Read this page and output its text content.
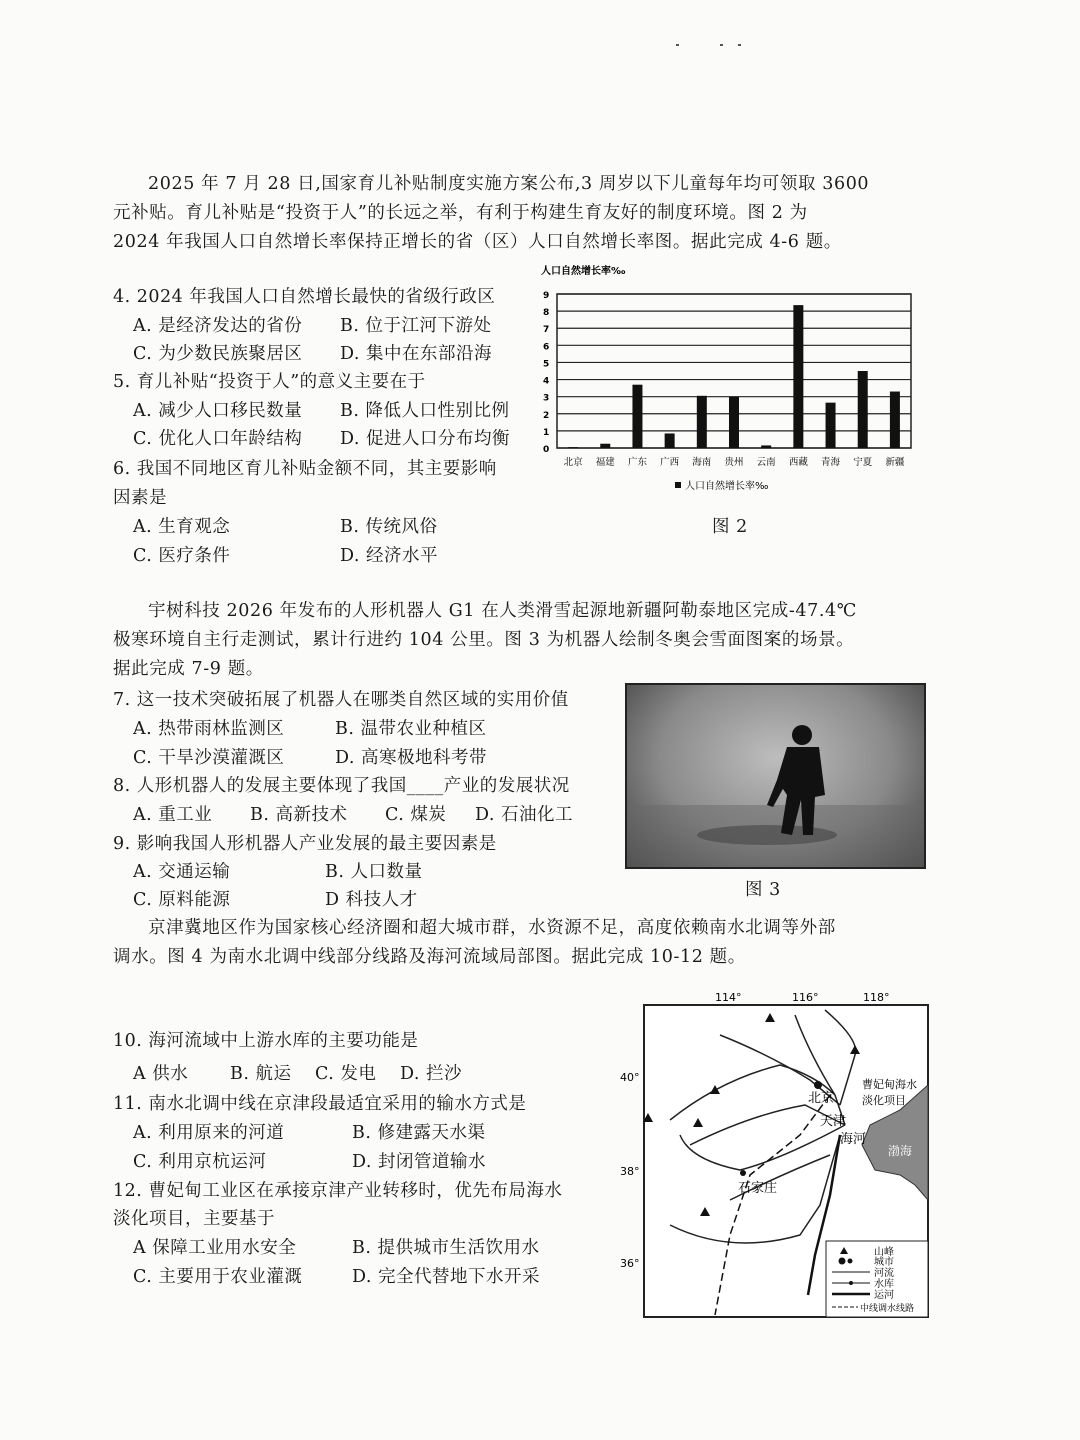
2025 年 7 月 28 日,国家育儿补贴制度实施方案公布,3 周岁以下儿童每年均可领取 3600
元补贴。育儿补贴是“投资于人”的长远之举，有利于构建生育友好的制度环境。图 2 为
2024 年我国人口自然增长率保持正增长的省（区）人口自然增长率图。据此完成 4-6 题。
4. 2024 年我国人口自然增长最快的省级行政区
A. 是经济发达的省份 B. 位于江河下游处
C. 为少数民族聚居区 D. 集中在东部沿海
5. 育儿补贴“投资于人”的意义主要在于
A. 减少人口移民数量 B. 降低人口性别比例
C. 优化人口年龄结构 D. 促进人口分布均衡
6. 我国不同地区育儿补贴金额不同，其主要影响
因素是
A. 生育观念	B. 传统风俗
C. 医疗条件	D. 经济水平
人口自然增长率‰
0
1
2
3
4
5
6
7
8
9
北京 福建 广东 广西 海南 贵州 云南 西藏 青海 宁夏 新疆
人口自然增长率‰
图 2
宇树科技 2026 年发布的人形机器人 G1 在人类滑雪起源地新疆阿勒泰地区完成-47.4℃
极寒环境自主行走测试，累计行进约 104 公里。图 3 为机器人绘制冬奥会雪面图案的场景。
据此完成 7-9 题。
7. 这一技术突破拓展了机器人在哪类自然区域的实用价值
A. 热带雨林监测区	B. 温带农业种植区
C. 干旱沙漠灌溉区	D. 高寒极地科考带
8. 人形机器人的发展主要体现了我国____产业的发展状况
A. 重工业 B. 高新技术 C. 煤炭 D. 石油化工
9. 影响我国人形机器人产业发展的最主要因素是
A. 交通运输	B. 人口数量
C. 原料能源	D 科技人才	图 3
京津冀地区作为国家核心经济圈和超大城市群，水资源不足，高度依赖南水北调等外部
调水。图 4 为南水北调中线部分线路及海河流域局部图。据此完成 10-12 题。
10. 海河流域中上游水库的主要功能是
A 供水 B. 航运 C. 发电 D. 拦沙
11. 南水北调中线在京津段最适宜采用的输水方式是
A. 利用原来的河道	B. 修建露天水渠
C. 利用京杭运河	D. 封闭管道输水
12. 曹妃甸工业区在承接京津产业转移时，优先布局海水
淡化项目，主要基于
A 保障工业用水安全	B. 提供城市生活饮用水
C. 主要用于农业灌溉	D. 完全代替地下水开采
114°	116°	118°
40°
38°
36°
北京
天津
海河
石家庄
渤海
曹妃甸海水
淡化项目
山峰
城市
河流
水库
运河
中线调水线路
